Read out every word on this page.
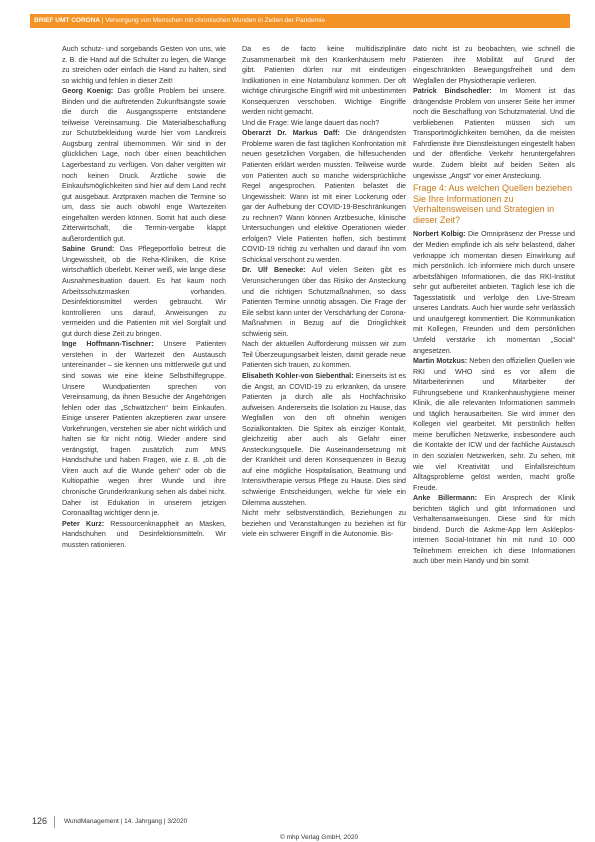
BRIEF UMT CORONA | Versorgung von Menschen mit chronischen Wunden in Zeiten der Pandemie

Auch schutz- und sorgebands Gesten von uns, wie z. B. die Hand auf die Schulter zu legen, die Wange zu streichen oder einfach die Hand zu halten, sind so wichtig und fehlen in dieser Zeit!

Georg Koenig: Das größte Problem bei unsere. Binden und die auftretenden Zukunftsängste sowie die durch die Ausgangssperre entstandene teilweise Vereinsamung. Die Materialbeschaffung zur Schutzbekleidung wurde hier vom Landkreis Augsburg zentral übernommen. Wir sind in der glücklichen Lage, noch über einen beachtlichen Lagerbestand zu verfügen. Von daher vergitten wir noch keinen Druck. Ärztliche sowie die Einkaufsmöglichkeiten sind hier auf dem Land recht gut ausgebaut. Arztpraxen machen die Termine so um, dass sie auch obwohl enge Wartezeiten eingehalten werden können. Somit hat auch diese Zitterwirtschaft, die Termin-vergabe klappt außerordentlich gut.

Sabine Grund: Das Pflegeportfolio betreut die Ungewissheit, ob die Reha-Kliniken, die Krise wirtschaftlich überlebt. Keiner weiß, wie lange diese Ausnahmesituation dauert. Es hat kaum noch Arbeitsschutzmasken vorhanden. Desinfektionsmittel werden gebraucht. Wir kontrollieren uns darauf, Anweisungen zu vermeiden und die Patienten mit viel Sorgfalt und gut durch diese Zeit zu bringen.

Inge Hoffmann-Tischner: Unsere Patienten verstehen in der Wartezeit den Austausch untereinander – sie kennen uns mittlerweile gut und sind sowas wie eine kleine Selbsthilfegruppe. Unsere Wundpatienten sprechen von Vereinsamung, da ihnen Besuche der Angehörigen fehlen oder das „Schwätzchen“ beim Einkaufen. Einige unserer Patienten akzeptieren zwar unsere Vorkehrungen, verstehen sie aber nicht wirklich und halten sie für nicht nötig. Wieder andere sind verängstigt, fragen zusätzlich zum MNS Handschuhe und haben Fragen, wie z. B. „ob die Viren auch auf die Wunde gehen“ oder ob die Kultiopathie wegen ihrer Wunde und ihre chronische Grunderkrankung sehen als dabei nicht. Daher ist Edukation in unserem jetzigen Coronaalltag wichtiger denn je.

Peter Kurz: Ressourcenknappheit an Masken, Handschuhen und Desinfektionsmitteln. Wir mussten rationieren.

Da es de facto keine multidisziplinäre Zusammenarbeit mit den Krankenhäusern mehr gibt. Patienten dürfen nur mit eindeutigen Indikationen in eine Notambulanz kommen. Der oft wichtige chirurgische Eingriff wird mit unbestimmten Konsequenzen verschoben. Wichtige Eingriffe werden nicht gemacht.

Und die Frage: Wie lange dauert das noch?

Oberarzt Dr. Markus Daff: Die drängendsten Probleme waren die fast täglichen Konfrontation mit neuen gesetzlichen Vorgaben, die hilfesuchenden Patienten erklärt werden mussten. Teilweise wurde von Patienten auch so manche widersprüchliche Regel angesprochen. Patienten belastet die Ungewissheit: Wann ist mit einer Lockerung oder gar der Aufhebung der COVID-19-Beschränkungen zu rechnen? Wann können Arztbesuche, klinische Untersuchungen und elektive Operationen wieder erfolgen? Viele Patienten hoffen, sich bestimmt COVID-19 richtig zu verhalten und darauf ihn vom Schicksal verschont zu werden.

Dr. Ulf Benecke: Auf vielen Seiten gibt es Verunsicherungen über das Risiko der Ansteckung und die richtigen Schutzmaßnahmen, so dass Patienten Termine unnötig absagen. Die Frage der Eile selbst kann unter der Verschärfung der Corona-Maßnahmen in Bezug auf die Dringlichkeit schwierig sein.

Nach der aktuellen Aufforderung müssen wir zum Teil Überzeugungsarbeit leisten, damit gerade neue Patienten sich trauen, zu kommen.

Elisabeth Kohler-von Siebenthal: Einerseits ist es die Angst, an COVID-19 zu erkranken, da unsere Patienten ja durch alle als Hochfachrisiko aufweisen. Andererseits die Isolation zu Hause, das Wegfallen von den oft ohnehin wenigen Sozialkontakten. Die Spitex als einziger Kontakt, gleichzeitig aber auch als Gefahr einer Ansteckungsquelle. Die Auseinandersetzung mit der Krankheit und deren Konsequenzen in Bezug auf eine mögliche Hospitalisation, Beatmung und Intensivtherapie versus Pflege zu Hause. Dies sind schwierige Entscheidungen, welche für viele ein Dilemma ausstehen.

Nicht mehr selbstverständlich, Beziehungen zu beziehen und Veranstaltungen zu beziehen ist für viele ein schwerer Eingriff in die Autonomie. Bis-

dato nicht ist zu beobachten, wie schnell die Patienten ihre Mobilität auf Grund der eingeschränkten Bewegungsfreiheit und dem Wegfallen der Physiotherapie verlieren.

Patrick Bindschedler: Im Moment ist das drängendste Problem von unserer Seite her immer noch die Beschaffung von Schutzmaterial. Und die verbliebenen Patienten müssen sich um Transportmöglichkeiten bemühen, da die meisten Fahrdienste ihre Dienstleistungen eingestellt haben und der öffentliche Verkehr heruntergefahren wurde. Zudem bleibt auf beiden Seiten als ungewisse „Angst“ vor einer Ansteckung.

Frage 4: Aus welchen Quellen beziehen Sie Ihre Informationen zu Verhaltensweisen und Strategien in dieser Zeit?

Norbert Kolbig: Die Omnipräsenz der Presse und der Medien empfinde ich als sehr belastend, daher verknappe ich momentan diesen Einwirkung auf mich persönlich. Ich informiere mich durch unsere arbeitsfähigen Informationen, die das RKI-Institut sehr gut aufbereitet anbieten. Täglich lese ich die Tagesstatistik und verfolge den Live-Stream unseres Landrats. Auch hier wurde sehr verlässlich und unaufgeregt kommentiert. Die Kommunikation mit Kollegen, Freunden und dem persönlichen Umfeld verstärke ich momentan „Social“ angesetzen.

Martin Motzkus: Neben den offiziellen Quellen wie RKI und WHO sind es vor allem die Mitarbeiterinnen und Mitarbeiter der Führungsebene und Krankenhaushygiene meiner Klinik, die alle relevanten Informationen sammeln und täglich herausarbeiten. Sie wird immer den Kollegen viel gearbeitet. Mit persönlich helfen meine beruflichen Netzwerke, insbesondere auch die Kontakte der ICW und der fachliche Austausch in den sozialen Netzwerken, sehr. Zu sehen, mit wie viel Kreativität und Einfallsreichtum Alltagsprobleme gelöst werden, macht große Freude.

Anke Billermann: Ein Ansprech der Klinik berichten täglich und gibt Informationen und Verhaltensanweisungen. Diese sind für mich bindend. Durch die Askme-App lern Askleplos-internen Social-Intranet hin mit rund 10 000 Teilnehmern erreichen ich diese Informationen auch über mein Handy und bin somit

126	WundManagement | 14. Jahrgang | 3/2020
© mhp Verlag GmbH, 2020
